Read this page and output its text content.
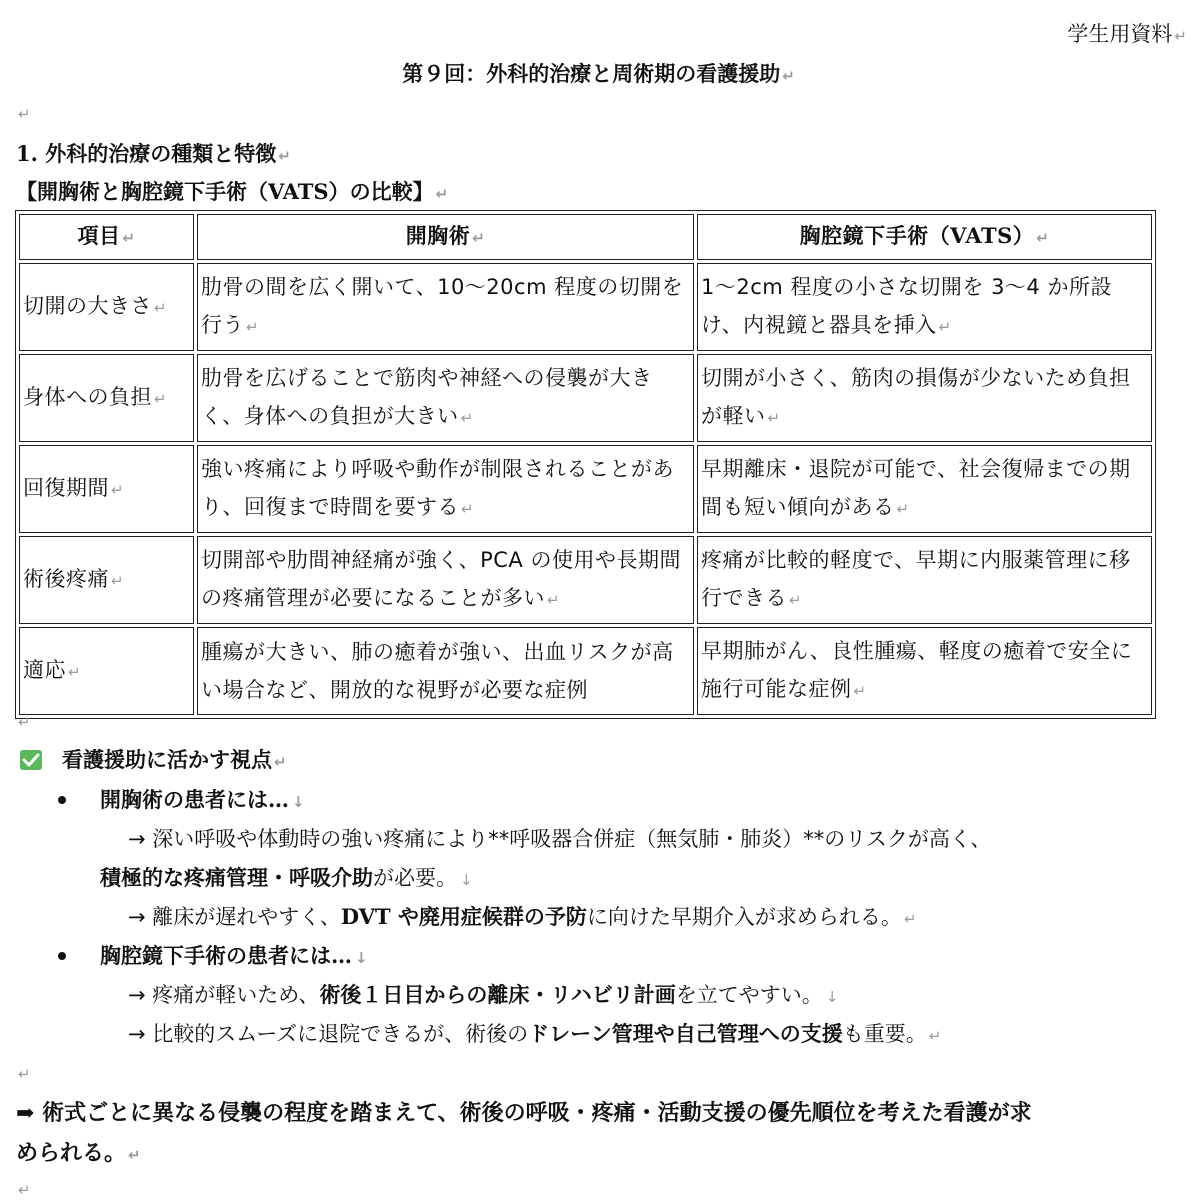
学生用資料 ↵
第９回：外科的治療と周術期の看護援助 ↵
↵
1. 外科的治療の種類と特徴 ↵
【開胸術と胸腔鏡下手術（VATS）の比較】 ↵
項目 ↵	開胸術 ↵	胸腔鏡下手術（VATS） ↵
切開の大きさ ↵	肋骨の間を広く開いて、10〜20cm 程度の切開を行う ↵	1〜2cm 程度の小さな切開を 3〜4 か所設け、内視鏡と器具を挿入 ↵
身体への負担 ↵	肋骨を広げることで筋肉や神経への侵襲が大きく、身体への負担が大きい ↵	切開が小さく、筋肉の損傷が少ないため負担が軽い ↵
回復期間 ↵	強い疼痛により呼吸や動作が制限されることがあり、回復まで時間を要する ↵	早期離床・退院が可能で、社会復帰までの期間も短い傾向がある ↵
術後疼痛 ↵	切開部や肋間神経痛が強く、PCA の使用や長期間の疼痛管理が必要になることが多い ↵	疼痛が比較的軽度で、早期に内服薬管理に移行できる ↵
適応 ↵	腫瘍が大きい、肺の癒着が強い、出血リスクが高い場合など、開放的な視野が必要な症例	早期肺がん、良性腫瘍、軽度の癒着で安全に施行可能な症例 ↵
↵
看護援助に活かす視点 ↵
開胸術の患者には… ↓
→ 深い呼吸や体動時の強い疼痛により**呼吸器合併症（無気肺・肺炎）**のリスクが高く、
積極的な疼痛管理・呼吸介助が必要。 ↓
→ 離床が遅れやすく、DVT や廃用症候群の予防に向けた早期介入が求められる。 ↵
胸腔鏡下手術の患者には… ↓
→ 疼痛が軽いため、術後１日目からの離床・リハビリ計画を立てやすい。 ↓
→ 比較的スムーズに退院できるが、術後のドレーン管理や自己管理への支援も重要。 ↵
↵
➡ 術式ごとに異なる侵襲の程度を踏まえて、術後の呼吸・疼痛・活動支援の優先順位を考えた看護が求
められる。 ↵
↵
